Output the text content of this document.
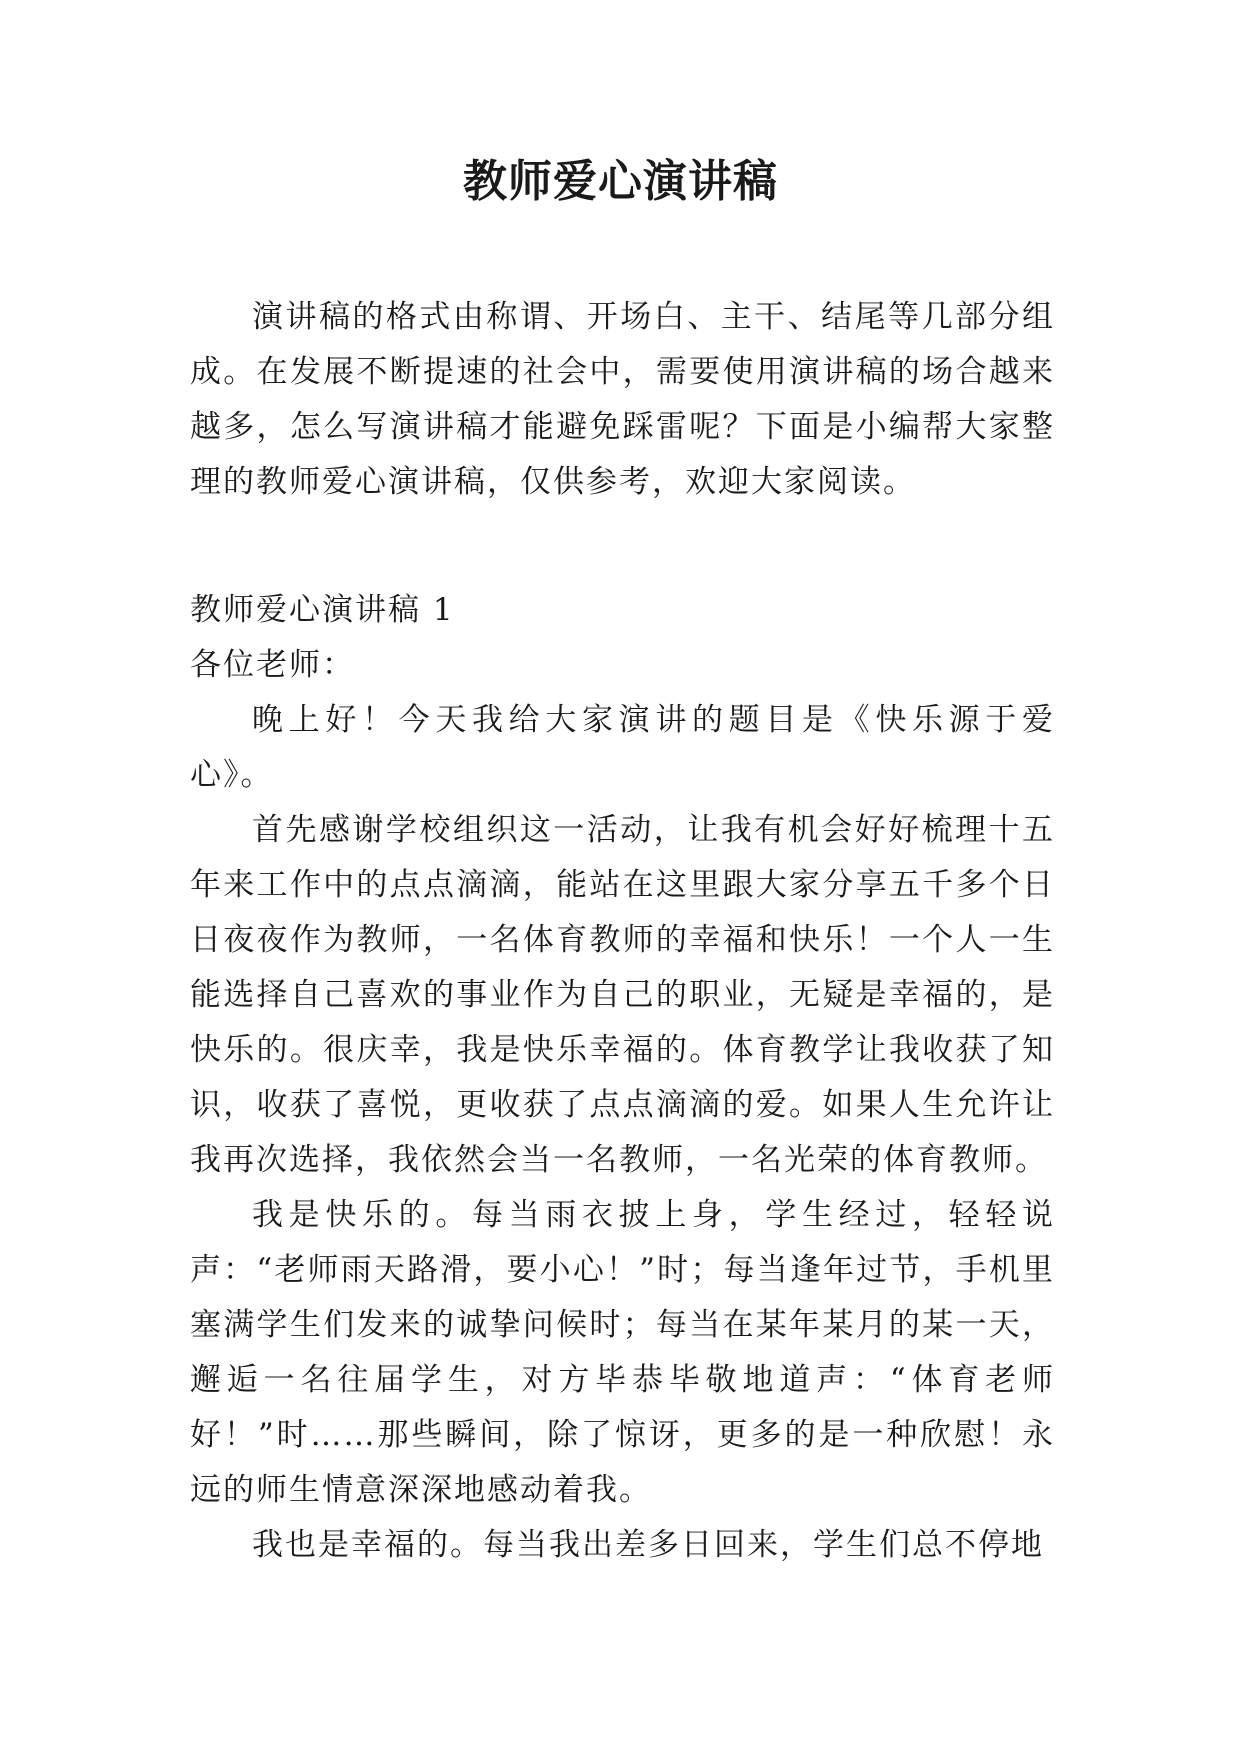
教师爱心演讲稿

演讲稿的格式由称谓、开场白、主干、结尾等几部分组成。在发展不断提速的社会中，需要使用演讲稿的场合越来越多，怎么写演讲稿才能避免踩雷呢？下面是小编帮大家整理的教师爱心演讲稿，仅供参考，欢迎大家阅读。

教师爱心演讲稿 1

各位老师：

晚上好！今天我给大家演讲的题目是《快乐源于爱心》。

首先感谢学校组织这一活动，让我有机会好好梳理十五年来工作中的点点滴滴，能站在这里跟大家分享五千多个日日夜夜作为教师，一名体育教师的幸福和快乐！一个人一生能选择自己喜欢的事业作为自己的职业，无疑是幸福的，是快乐的。很庆幸，我是快乐幸福的。体育教学让我收获了知识，收获了喜悦，更收获了点点滴滴的爱。如果人生允许让我再次选择，我依然会当一名教师，一名光荣的体育教师。

我是快乐的。每当雨衣披上身，学生经过，轻轻说声：“老师雨天路滑，要小心！”时；每当逢年过节，手机里塞满学生们发来的诚挚问候时；每当在某年某月的某一天，邂逅一名往届学生，对方毕恭毕敬地道声：“体育老师好！”时……那些瞬间，除了惊讶，更多的是一种欣慰！永远的师生情意深深地感动着我。

我也是幸福的。每当我出差多日回来，学生们总不停地
